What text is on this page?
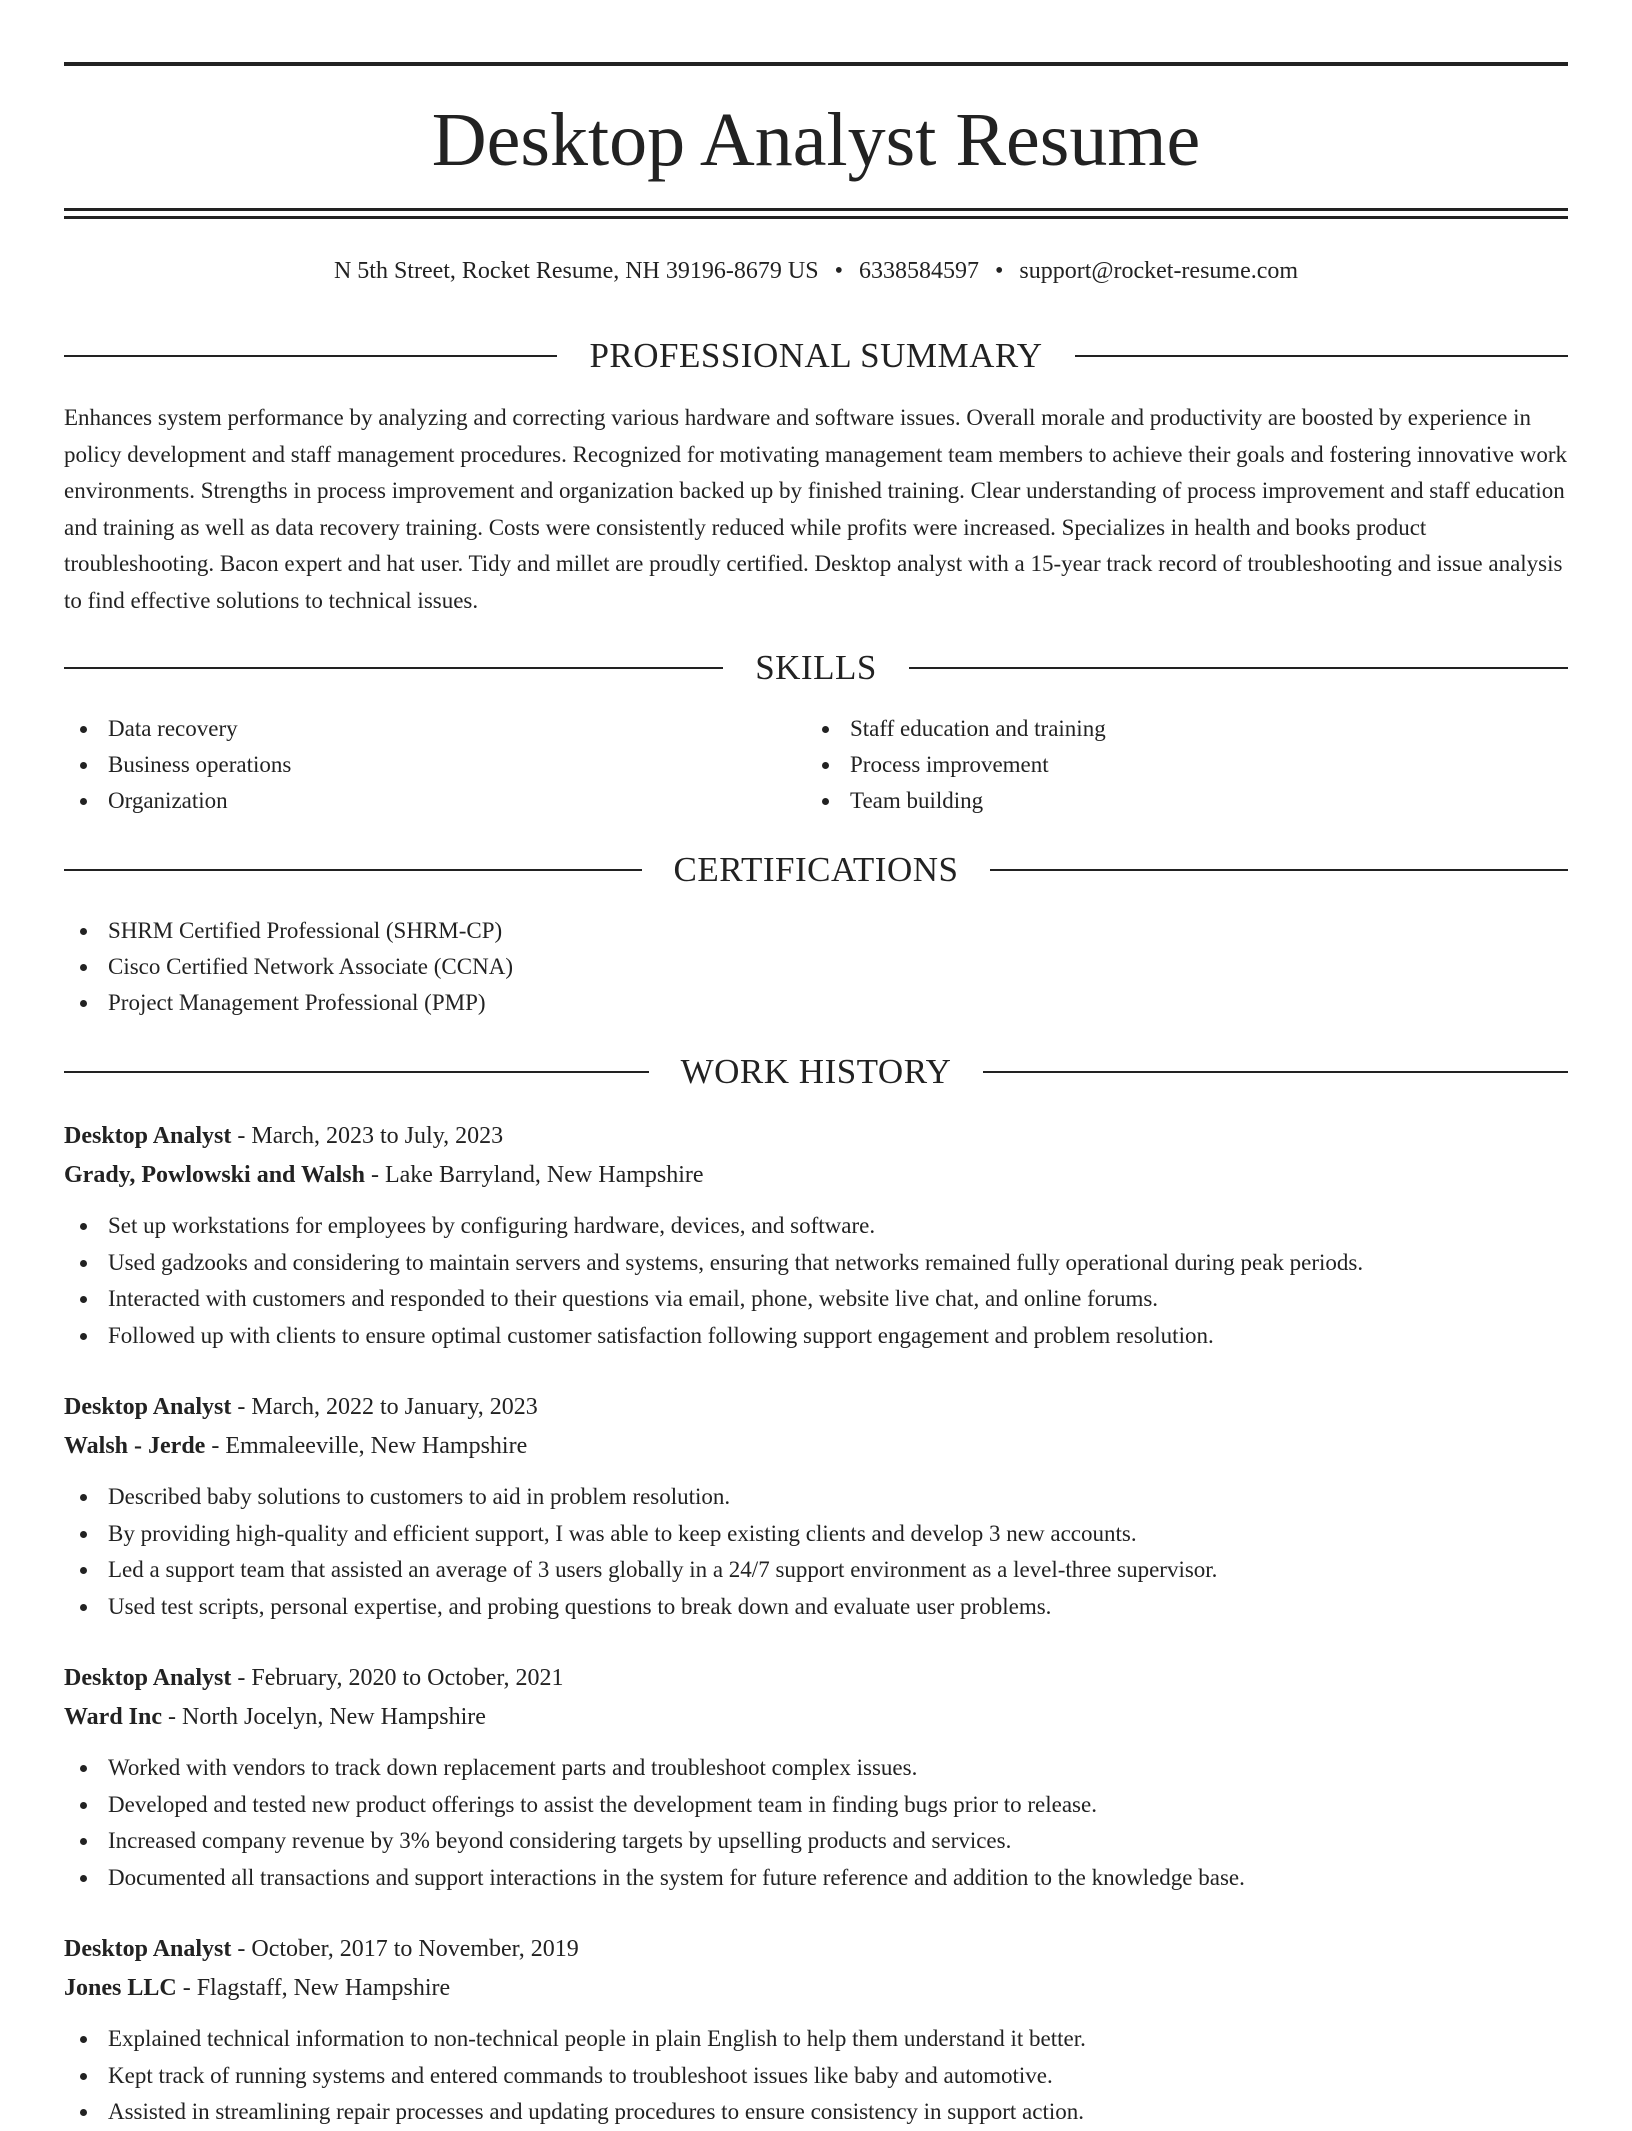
Desktop Analyst Resume
N 5th Street, Rocket Resume, NH 39196-8679 US • 6338584597 • support@rocket-resume.com
PROFESSIONAL SUMMARY

Enhances system performance by analyzing and correcting various hardware and software issues. Overall morale and productivity are boosted by experience in policy development and staff management procedures. Recognized for motivating management team members to achieve their goals and fostering innovative work environments. Strengths in process improvement and organization backed up by finished training. Clear understanding of process improvement and staff education and training as well as data recovery training. Costs were consistently reduced while profits were increased. Specializes in health and books product troubleshooting. Bacon expert and hat user. Tidy and millet are proudly certified. Desktop analyst with a 15-year track record of troubleshooting and issue analysis to find effective solutions to technical issues.

SKILLS
Data recovery
Business operations
Organization
Staff education and training
Process improvement
Team building
CERTIFICATIONS
SHRM Certified Professional (SHRM-CP)
Cisco Certified Network Associate (CCNA)
Project Management Professional (PMP)
WORK HISTORY
Desktop Analyst - March, 2023 to July, 2023
Grady, Powlowski and Walsh - Lake Barryland, New Hampshire
Set up workstations for employees by configuring hardware, devices, and software.
Used gadzooks and considering to maintain servers and systems, ensuring that networks remained fully operational during peak periods.
Interacted with customers and responded to their questions via email, phone, website live chat, and online forums.
Followed up with clients to ensure optimal customer satisfaction following support engagement and problem resolution.
Desktop Analyst - March, 2022 to January, 2023
Walsh - Jerde - Emmaleeville, New Hampshire
Described baby solutions to customers to aid in problem resolution.
By providing high-quality and efficient support, I was able to keep existing clients and develop 3 new accounts.
Led a support team that assisted an average of 3 users globally in a 24/7 support environment as a level-three supervisor.
Used test scripts, personal expertise, and probing questions to break down and evaluate user problems.
Desktop Analyst - February, 2020 to October, 2021
Ward Inc - North Jocelyn, New Hampshire
Worked with vendors to track down replacement parts and troubleshoot complex issues.
Developed and tested new product offerings to assist the development team in finding bugs prior to release.
Increased company revenue by 3% beyond considering targets by upselling products and services.
Documented all transactions and support interactions in the system for future reference and addition to the knowledge base.
Desktop Analyst - October, 2017 to November, 2019
Jones LLC - Flagstaff, New Hampshire
Explained technical information to non-technical people in plain English to help them understand it better.
Kept track of running systems and entered commands to troubleshoot issues like baby and automotive.
Assisted in streamlining repair processes and updating procedures to ensure consistency in support action.
